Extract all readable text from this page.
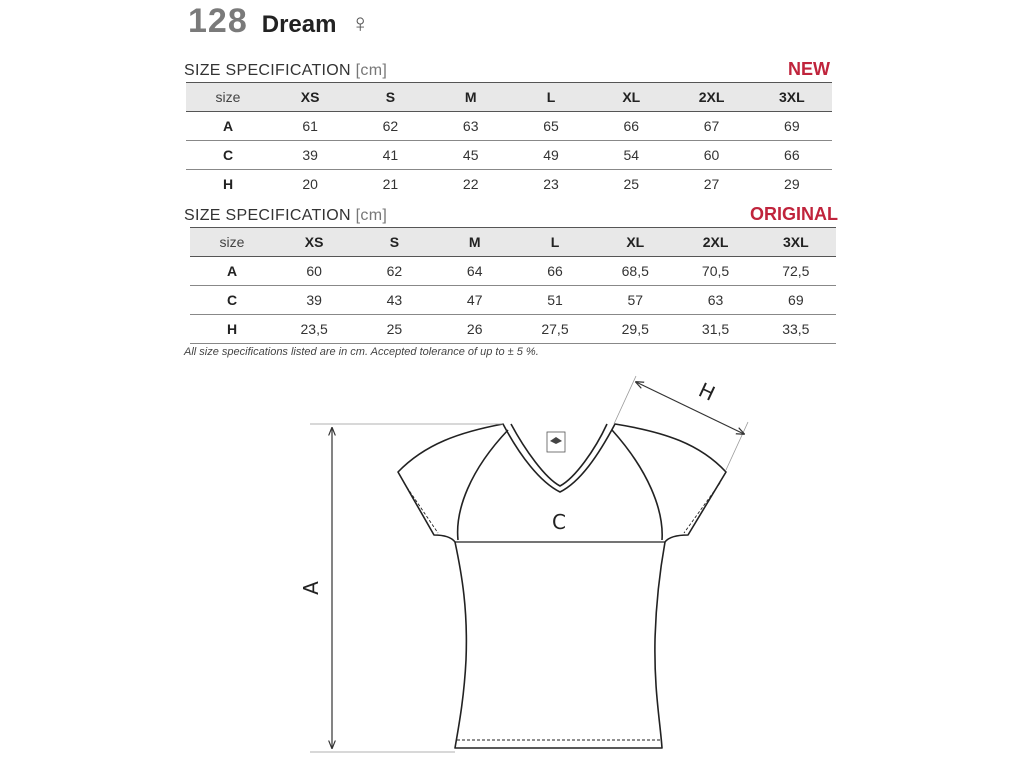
128 Dream ♀
SIZE SPECIFICATION [cm]	NEW
size	XS	S	M	L	XL	2XL	3XL
A	61	62	63	65	66	67	69
C	39	41	45	49	54	60	66
H	20	21	22	23	25	27	29
SIZE SPECIFICATION [cm]	ORIGINAL
size	XS	S	M	L	XL	2XL	3XL
A	60	62	64	66	68,5	70,5	72,5
C	39	43	47	51	57	63	69
H	23,5	25	26	27,5	29,5	31,5	33,5
All size specifications listed are in cm. Accepted tolerance of up to ± 5 %.
A
C
H
